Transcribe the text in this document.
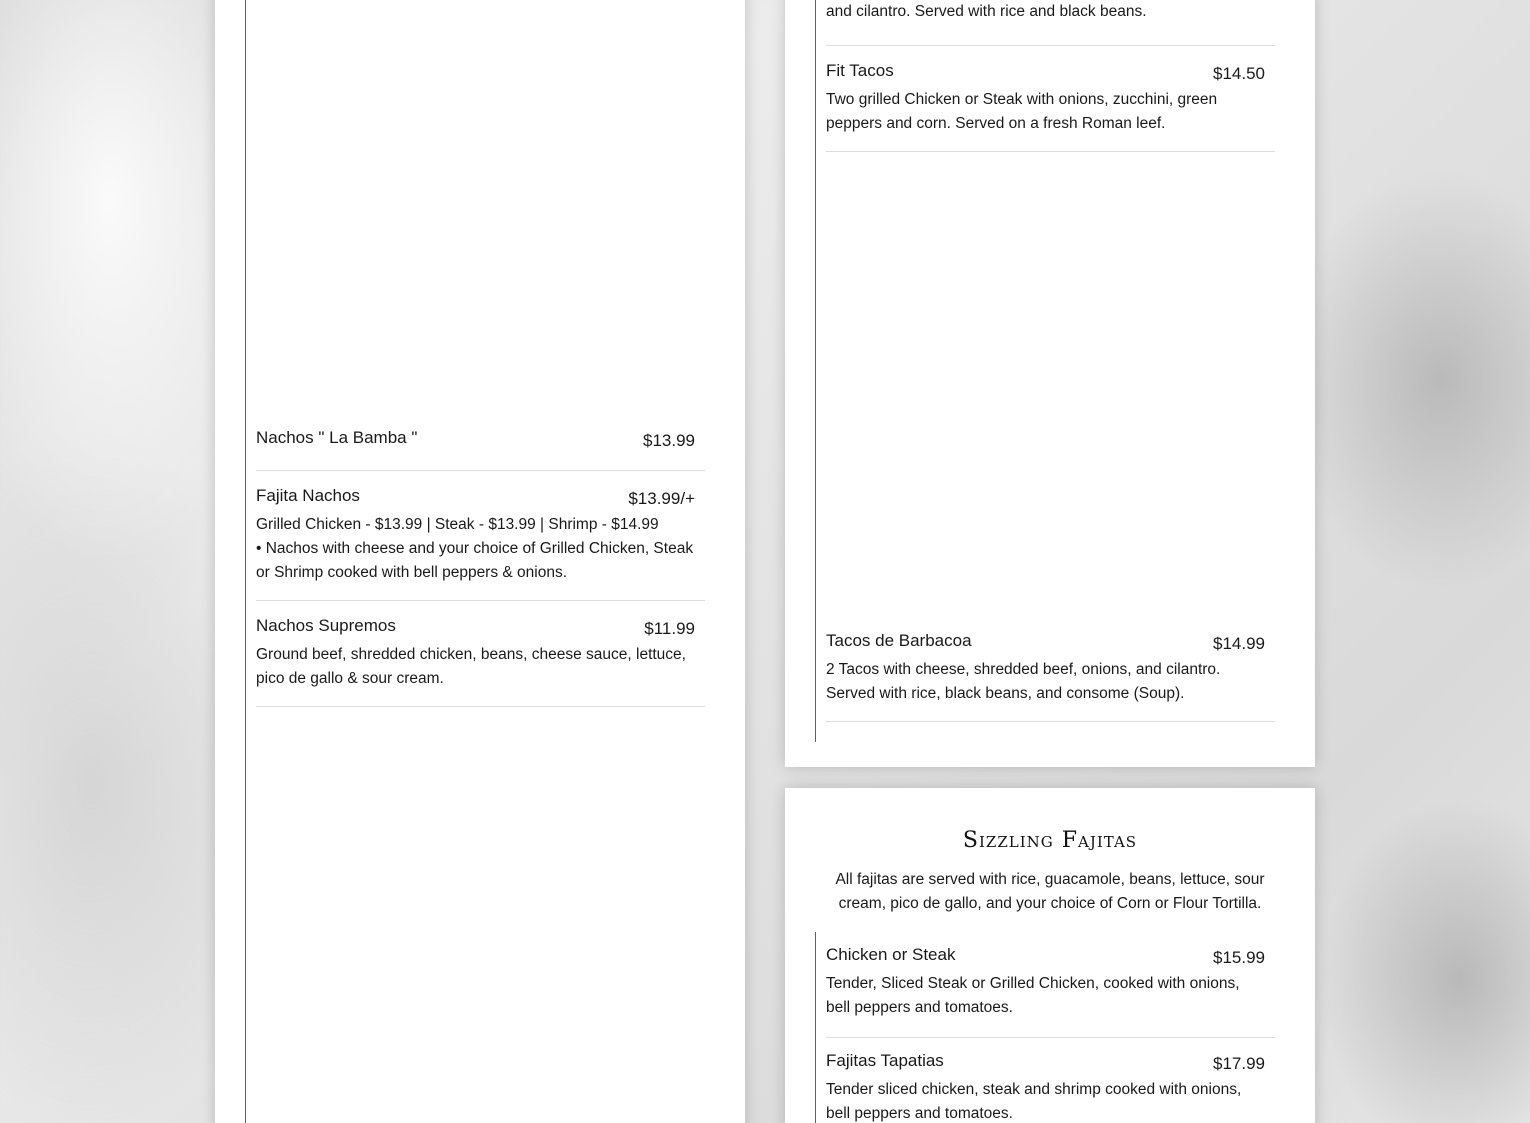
Nachos " La Bamba "	$13.99
Fajita Nachos	$13.99/+
Grilled Chicken - $13.99 | Steak - $13.99 | Shrimp - $14.99
• Nachos with cheese and your choice of Grilled Chicken, Steak or Shrimp cooked with bell peppers & onions.
Nachos Supremos	$11.99
Ground beef, shredded chicken, beans, cheese sauce, lettuce, pico de gallo & sour cream.
and cilantro. Served with rice and black beans.
Fit Tacos	$14.50
Two grilled Chicken or Steak with onions, zucchini, green peppers and corn. Served on a fresh Roman leef.
Tacos de Barbacoa	$14.99
2 Tacos with cheese, shredded beef, onions, and cilantro. Served with rice, black beans, and consome (Soup).
Sizzling Fajitas
All fajitas are served with rice, guacamole, beans, lettuce, sour cream, pico de gallo, and your choice of Corn or Flour Tortilla.
Chicken or Steak	$15.99
Tender, Sliced Steak or Grilled Chicken, cooked with onions, bell peppers and tomatoes.
Fajitas Tapatias	$17.99
Tender sliced chicken, steak and shrimp cooked with onions, bell peppers and tomatoes.
